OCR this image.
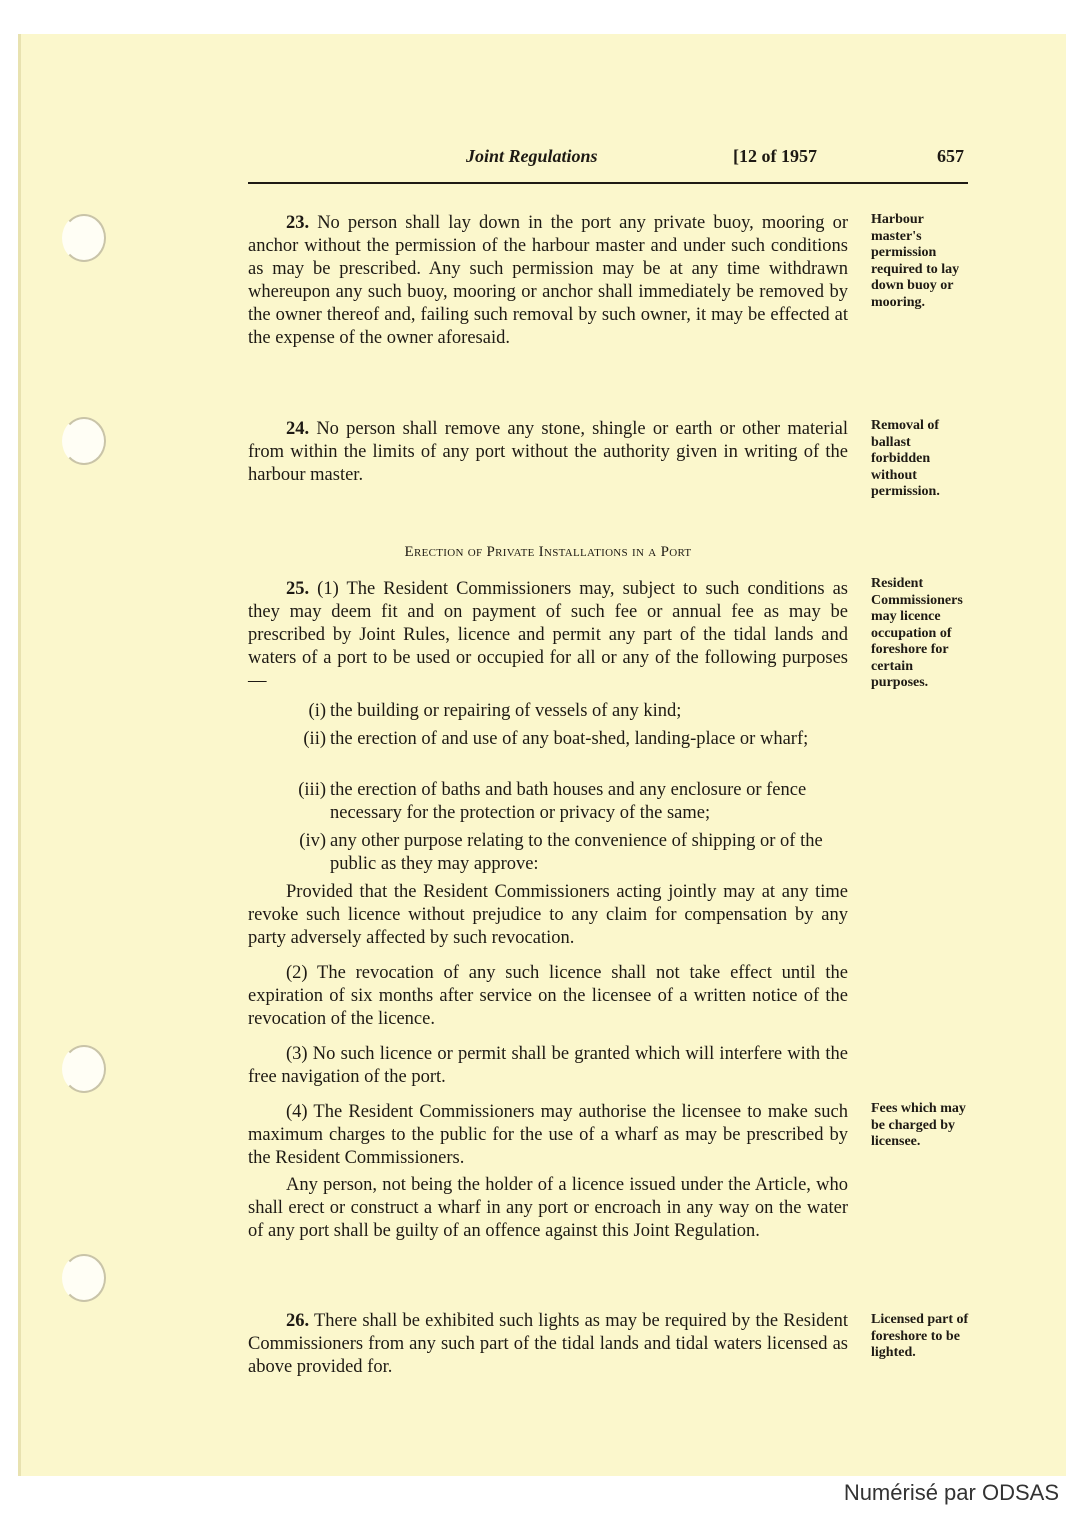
Joint Regulations	[12 of 1957	657
23. No person shall lay down in the port any private buoy, mooring or anchor without the permission of the harbour master and under such conditions as may be prescribed. Any such permission may be at any time withdrawn whereupon any such buoy, mooring or anchor shall immediately be removed by the owner thereof and, failing such removal by such owner, it may be effected at the expense of the owner aforesaid.
Harbour master's permission required to lay down buoy or mooring.
24. No person shall remove any stone, shingle or earth or other material from within the limits of any port without the authority given in writing of the harbour master.
Removal of ballast forbidden without permission.
Erection of Private Installations in a Port
25. (1) The Resident Commissioners may, subject to such conditions as they may deem fit and on payment of such fee or annual fee as may be prescribed by Joint Rules, licence and permit any part of the tidal lands and waters of a port to be used or occupied for all or any of the following purposes—
Resident Commissioners may licence occupation of foreshore for certain purposes.
(i) the building or repairing of vessels of any kind;
(ii) the erection of and use of any boat-shed, landing-place or wharf;
(iii) the erection of baths and bath houses and any enclosure or fence necessary for the protection or privacy of the same;
(iv) any other purpose relating to the convenience of shipping or of the public as they may approve:
Provided that the Resident Commissioners acting jointly may at any time revoke such licence without prejudice to any claim for compensation by any party adversely affected by such revocation.
(2) The revocation of any such licence shall not take effect until the expiration of six months after service on the licensee of a written notice of the revocation of the licence.
(3) No such licence or permit shall be granted which will interfere with the free navigation of the port.
(4) The Resident Commissioners may authorise the licensee to make such maximum charges to the public for the use of a wharf as may be prescribed by the Resident Commissioners.
Fees which may be charged by licensee.
Any person, not being the holder of a licence issued under the Article, who shall erect or construct a wharf in any port or encroach in any way on the water of any port shall be guilty of an offence against this Joint Regulation.
26. There shall be exhibited such lights as may be required by the Resident Commissioners from any such part of the tidal lands and tidal waters licensed as above provided for.
Licensed part of foreshore to be lighted.
Numérisé par ODSAS
